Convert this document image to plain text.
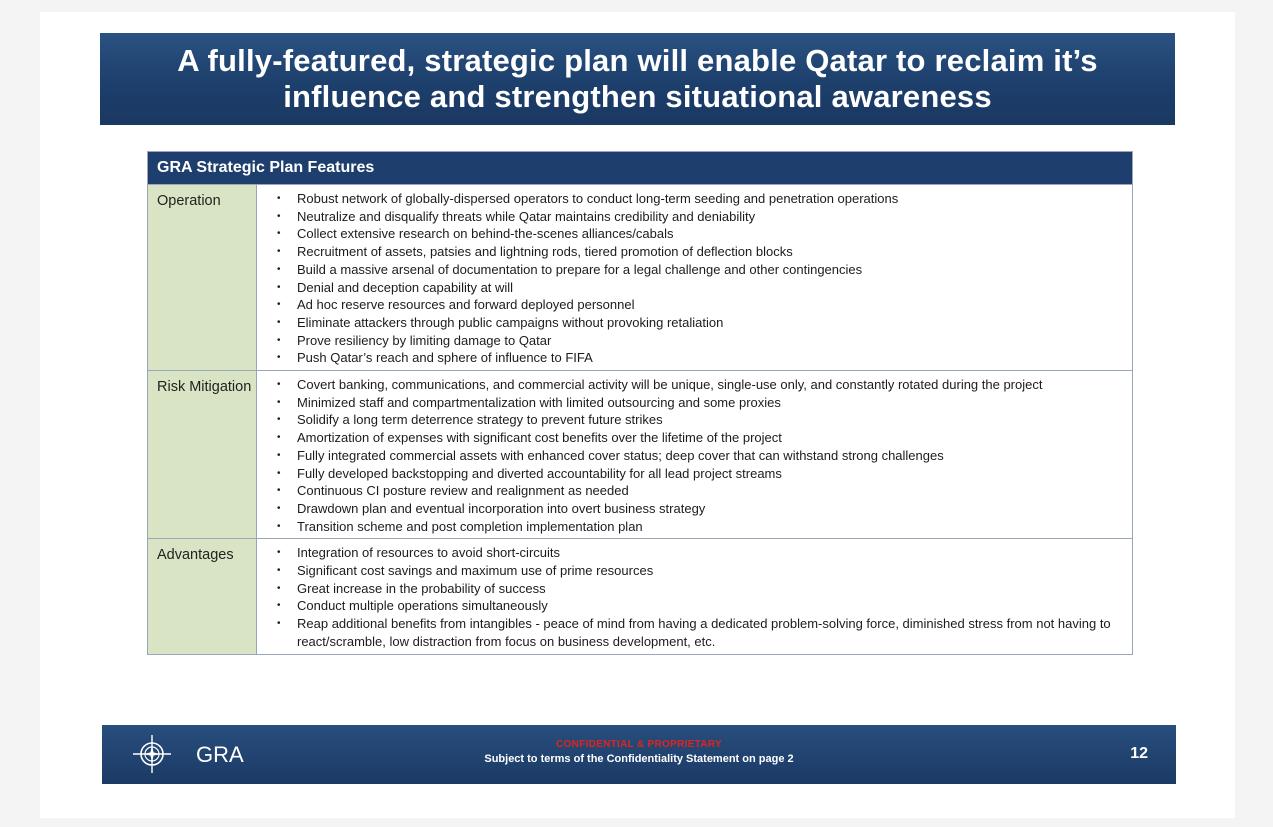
A fully-featured, strategic plan will enable Qatar to reclaim it’s
influence and strengthen situational awareness
GRA Strategic Plan Features
Operation	• Robust network of globally-dispersed operators to conduct long-term seeding and penetration operations
• Neutralize and disqualify threats while Qatar maintains credibility and deniability
• Collect extensive research on behind-the-scenes alliances/cabals
• Recruitment of assets, patsies and lightning rods, tiered promotion of deflection blocks
• Build a massive arsenal of documentation to prepare for a legal challenge and other contingencies
• Denial and deception capability at will
• Ad hoc reserve resources and forward deployed personnel
• Eliminate attackers through public campaigns without provoking retaliation
• Prove resiliency by limiting damage to Qatar
• Push Qatar’s reach and sphere of influence to FIFA
Risk Mitigation	• Covert banking, communications, and commercial activity will be unique, single-use only, and constantly rotated during the project
• Minimized staff and compartmentalization with limited outsourcing and some proxies
• Solidify a long term deterrence strategy to prevent future strikes
• Amortization of expenses with significant cost benefits over the lifetime of the project
• Fully integrated commercial assets with enhanced cover status; deep cover that can withstand strong challenges
• Fully developed backstopping and diverted accountability for all lead project streams
• Continuous CI posture review and realignment as needed
• Drawdown plan and eventual incorporation into overt business strategy
• Transition scheme and post completion implementation plan
Advantages	• Integration of resources to avoid short-circuits
• Significant cost savings and maximum use of prime resources
• Great increase in the probability of success
• Conduct multiple operations simultaneously
• Reap additional benefits from intangibles - peace of mind from having a dedicated problem-solving force, diminished stress from not having to react/scramble, low distraction from focus on business development, etc.
GRA	CONFIDENTIAL & PROPRIETARY
Subject to terms of the Confidentiality Statement on page 2	12
